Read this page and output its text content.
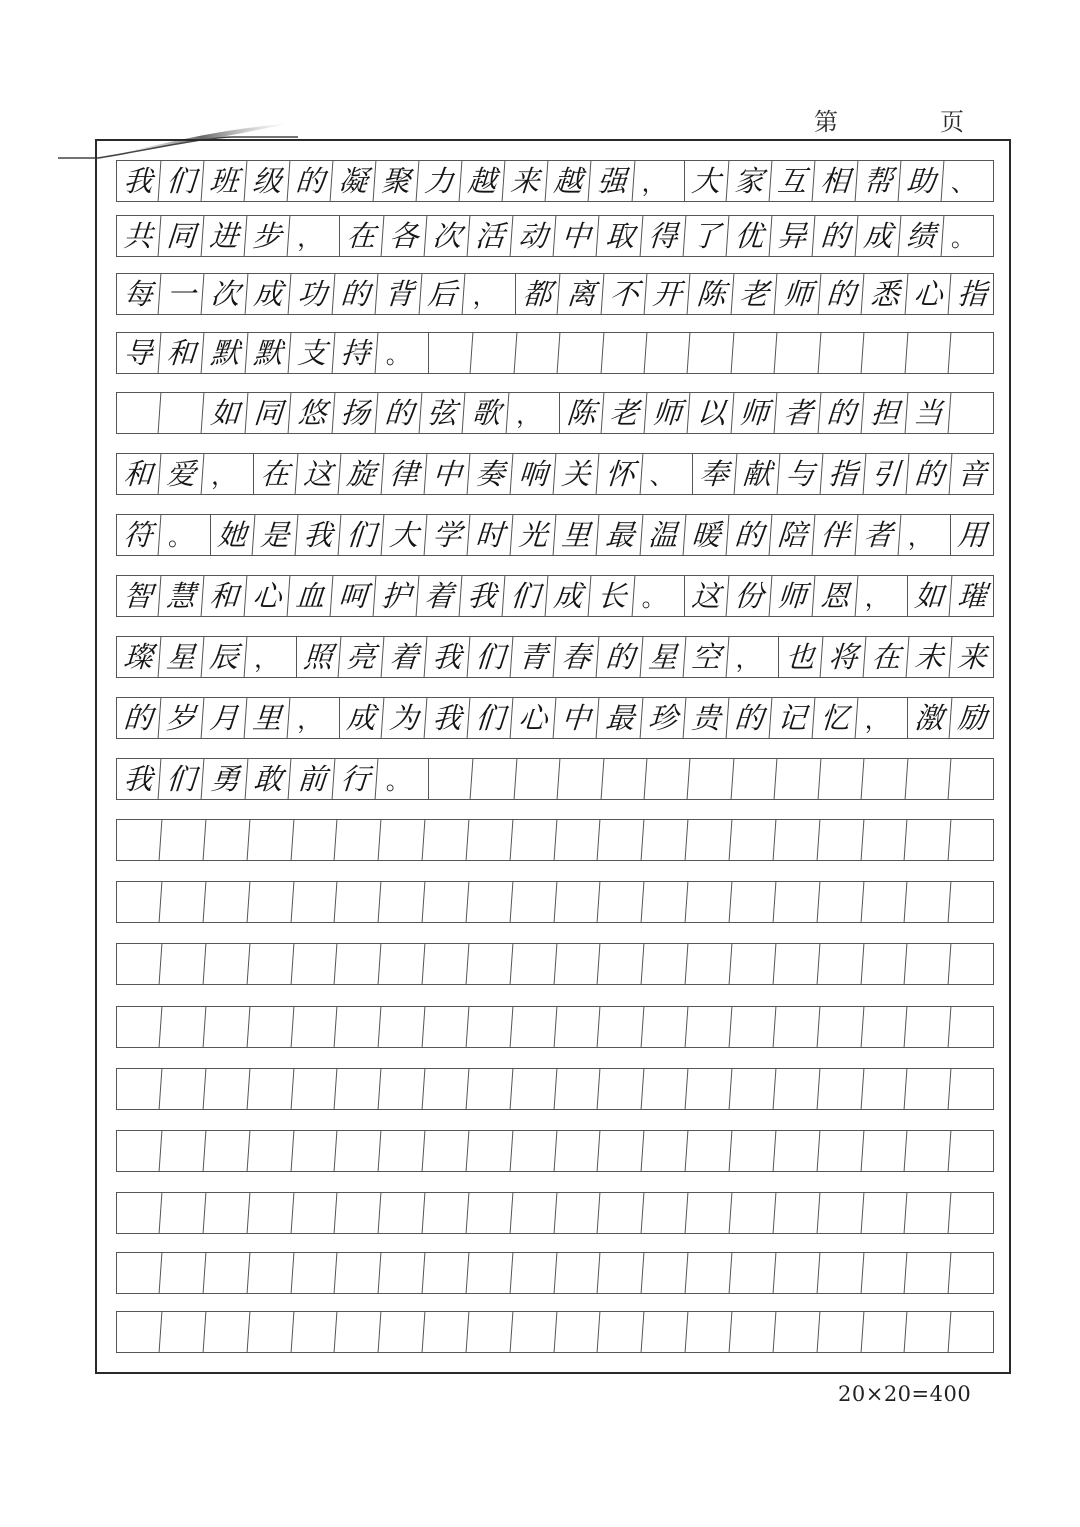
第	页
我 们 班 级 的 凝 聚 力 越 来 越 强 ， 大 家 互 相 帮 助 、
共 同 进 步 ， 在 各 次 活 动 中 取 得 了 优 异 的 成 绩 。
每 一 次 成 功 的 背 后 ， 都 离 不 开 陈 老 师 的 悉 心 指
导 和 默 默 支 持 。
如 同 悠 扬 的 弦 歌 ， 陈 老 师 以 师 者 的 担 当
和 爱 ， 在 这 旋 律 中 奏 响 关 怀 、 奉 献 与 指 引 的 音
符 。 她 是 我 们 大 学 时 光 里 最 温 暖 的 陪 伴 者 ， 用
智 慧 和 心 血 呵 护 着 我 们 成 长 。 这 份 师 恩 ， 如 璀
璨 星 辰 ， 照 亮 着 我 们 青 春 的 星 空 ， 也 将 在 未 来
的 岁 月 里 ， 成 为 我 们 心 中 最 珍 贵 的 记 忆 ， 激 励
我 们 勇 敢 前 行 。
20×20=400
